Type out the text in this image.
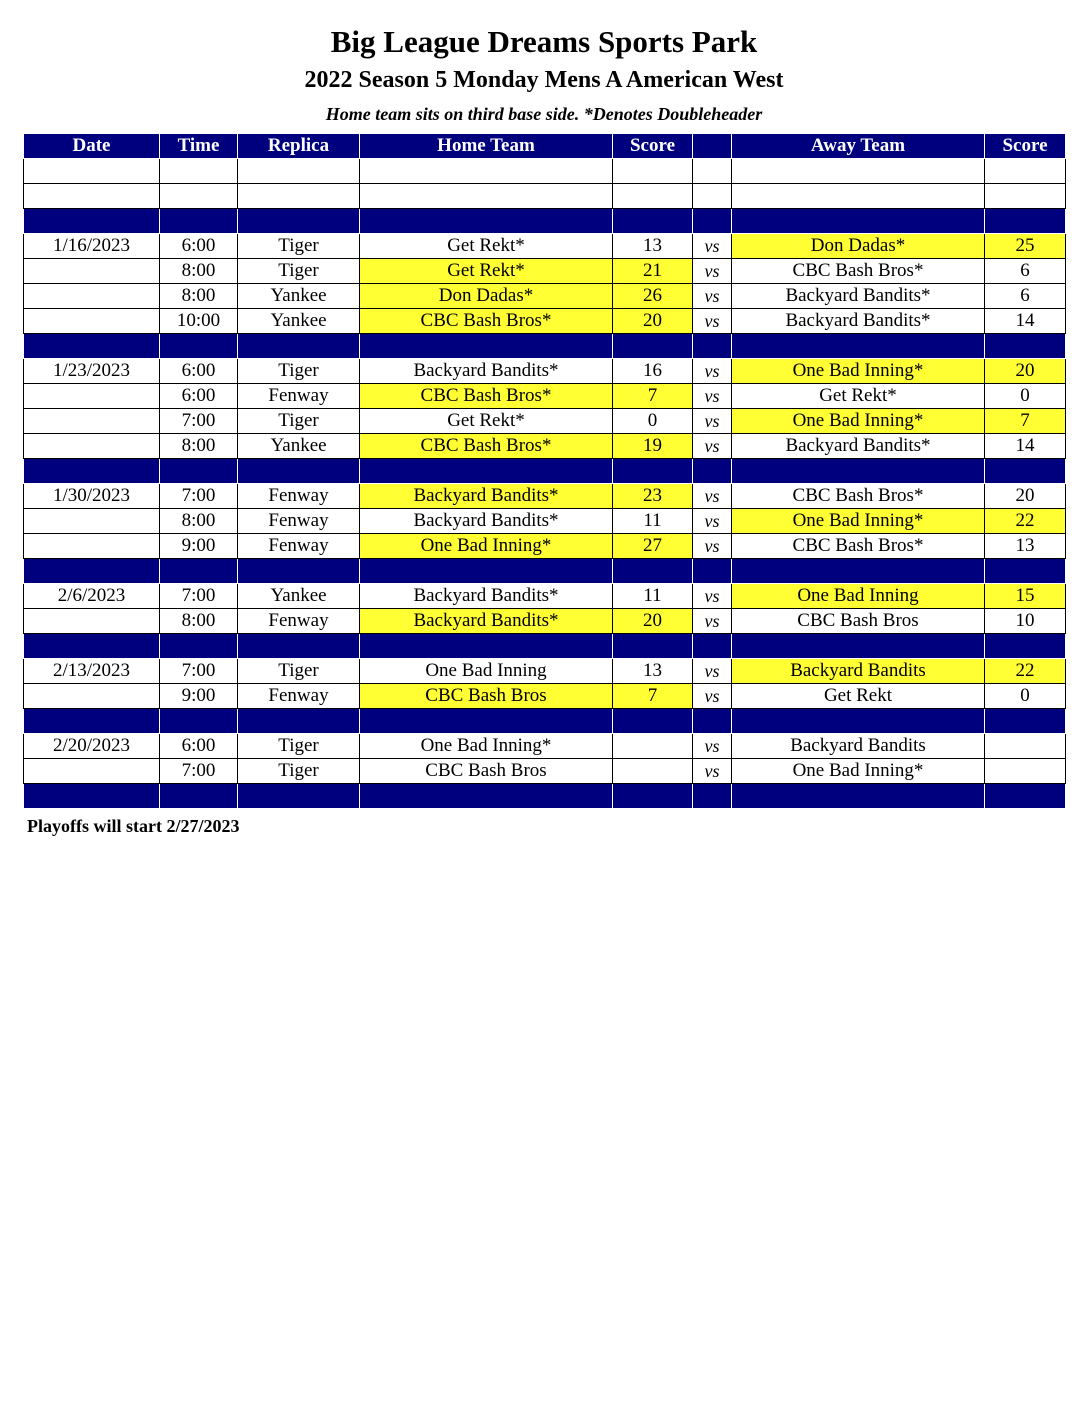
Big League Dreams Sports Park
2022 Season 5 Monday Mens A American West
Home team sits on third base side. *Denotes Doubleheader
Date	Time	Replica	Home Team	Score		Away Team	Score

1/16/2023	6:00	Tiger	Get Rekt*	13	vs	Don Dadas*	25
	8:00	Tiger	Get Rekt*	21	vs	CBC Bash Bros*	6
	8:00	Yankee	Don Dadas*	26	vs	Backyard Bandits*	6
	10:00	Yankee	CBC Bash Bros*	20	vs	Backyard Bandits*	14

1/23/2023	6:00	Tiger	Backyard Bandits*	16	vs	One Bad Inning*	20
	6:00	Fenway	CBC Bash Bros*	7	vs	Get Rekt*	0
	7:00	Tiger	Get Rekt*	0	vs	One Bad Inning*	7
	8:00	Yankee	CBC Bash Bros*	19	vs	Backyard Bandits*	14

1/30/2023	7:00	Fenway	Backyard Bandits*	23	vs	CBC Bash Bros*	20
	8:00	Fenway	Backyard Bandits*	11	vs	One Bad Inning*	22
	9:00	Fenway	One Bad Inning*	27	vs	CBC Bash Bros*	13

2/6/2023	7:00	Yankee	Backyard Bandits*	11	vs	One Bad Inning	15
	8:00	Fenway	Backyard Bandits*	20	vs	CBC Bash Bros	10

2/13/2023	7:00	Tiger	One Bad Inning	13	vs	Backyard Bandits	22
	9:00	Fenway	CBC Bash Bros	7	vs	Get Rekt	0

2/20/2023	6:00	Tiger	One Bad Inning*		vs	Backyard Bandits	
	7:00	Tiger	CBC Bash Bros		vs	One Bad Inning*	

Playoffs will start 2/27/2023
